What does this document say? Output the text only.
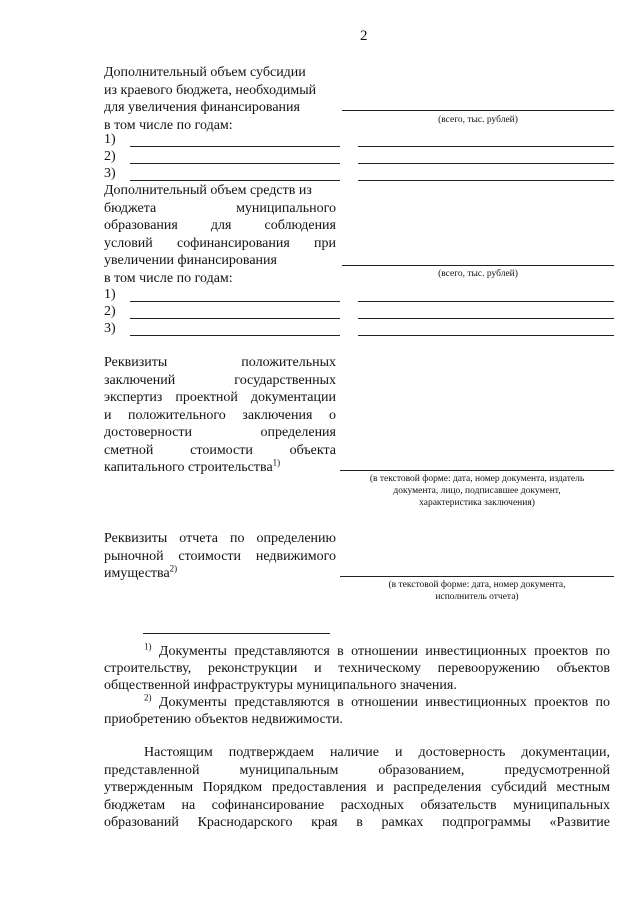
2
Дополнительный объем субсидии
из краевого бюджета, необходимый
для увеличения финансирования
в том числе по годам:	(всего, тыс. рублей)
1)
2)
3)
Дополнительный объем средств из
бюджета муниципального
образования для соблюдения
условий софинансирования при
увеличении финансирования
в том числе по годам:	(всего, тыс. рублей)
1)
2)
3)
Реквизиты положительных
заключений государственных
экспертиз проектной документации
и положительного заключения о
достоверности определения
сметной стоимости объекта
капитального строительства$^{1)}$
(в текстовой форме: дата, номер документа, издатель
документа, лицо, подписавшее документ,
характеристика заключения)
Реквизиты отчета по определению
рыночной стоимости недвижимого
имущества$^{2)}$
(в текстовой форме: дата, номер документа,
исполнитель отчета)
$^{1)}$ Документы представляются в отношении инвестиционных проектов по строительству, реконструкции и техническому перевооружению объектов общественной инфраструктуры муниципального значения.
$^{2)}$ Документы представляются в отношении инвестиционных проектов по приобретению объектов недвижимости.
Настоящим подтверждаем наличие и достоверность документации,
представленной муниципальным образованием, предусмотренной
утвержденным Порядком предоставления и распределения субсидий местным
бюджетам на софинансирование расходных обязательств муниципальных
образований Краснодарского края в рамках подпрограммы «Развитие
